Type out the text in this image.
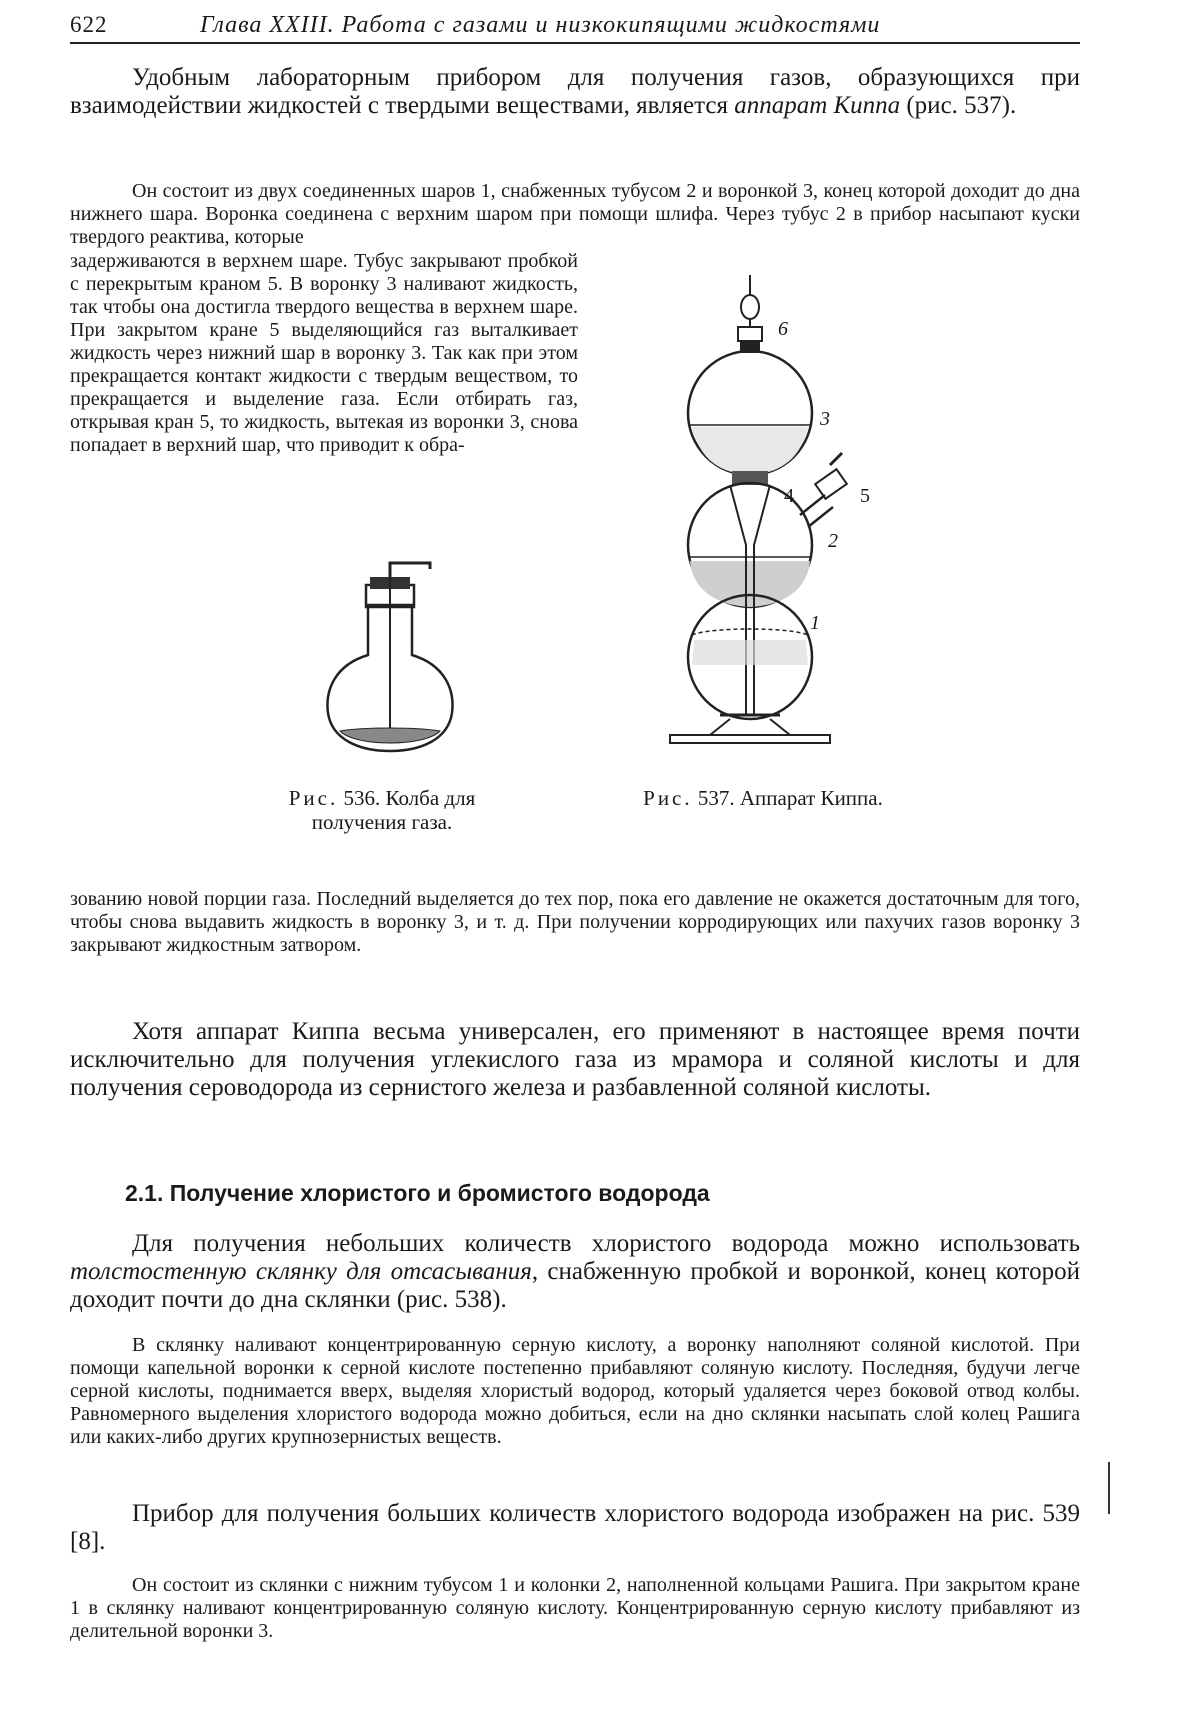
622	Глава XXIII. Работа с газами и низкокипящими жидкостями

Удобным лабораторным прибором для получения газов, образующихся при взаимодействии жидкостей с твердыми веществами, является аппарат Киппа (рис. 537).

Он состоит из двух соединенных шаров 1, снабженных тубусом 2 и воронкой 3, конец которой доходит до дна нижнего шара. Воронка соединена с верхним шаром при помощи шлифа. Через тубус 2 в прибор насыпают куски твердого реактива, которые

задерживаются в верхнем шаре. Тубус закрывают пробкой с перекрытым краном 5. В воронку 3 наливают жидкость, так чтобы она достигла твердого вещества в верхнем шаре. При закрытом кране 5 выделяющийся газ выталкивает жидкость через нижний шар в воронку 3. Так как при этом прекращается контакт жидкости с твердым веществом, то прекращается и выделение газа. Если отбирать газ, открывая кран 5, то жидкость, вытекая из воронки 3, снова попадает в верхний шар, что приводит к обра-

6
3
4	5
2
1
Рис. 536. Колба для получения газа.
Рис. 537. Аппарат Киппа.

зованию новой порции газа. Последний выделяется до тех пор, пока его давление не окажется достаточным для того, чтобы снова выдавить жидкость в воронку 3, и т. д. При получении корродирующих или пахучих газов воронку 3 закрывают жидкостным затвором.

Хотя аппарат Киппа весьма универсален, его применяют в настоящее время почти исключительно для получения углекислого газа из мрамора и соляной кислоты и для получения сероводорода из сернистого железа и разбавленной соляной кислоты.

2.1. Получение хлористого и бромистого водорода

Для получения небольших количеств хлористого водорода можно использовать толстостенную склянку для отсасывания, снабженную пробкой и воронкой, конец которой доходит почти до дна склянки (рис. 538).

В склянку наливают концентрированную серную кислоту, а воронку наполняют соляной кислотой. При помощи капельной воронки к серной кислоте постепенно прибавляют соляную кислоту. Последняя, будучи легче серной кислоты, поднимается вверх, выделяя хлористый водород, который удаляется через боковой отвод колбы. Равномерного выделения хлористого водорода можно добиться, если на дно склянки насыпать слой колец Рашига или каких-либо других крупнозернистых веществ.

Прибор для получения больших количеств хлористого водорода изображен на рис. 539 [8].

Он состоит из склянки с нижним тубусом 1 и колонки 2, наполненной кольцами Рашига. При закрытом кране 1 в склянку наливают концентрированную соляную кислоту. Концентрированную серную кислоту прибавляют из делительной воронки 3.
